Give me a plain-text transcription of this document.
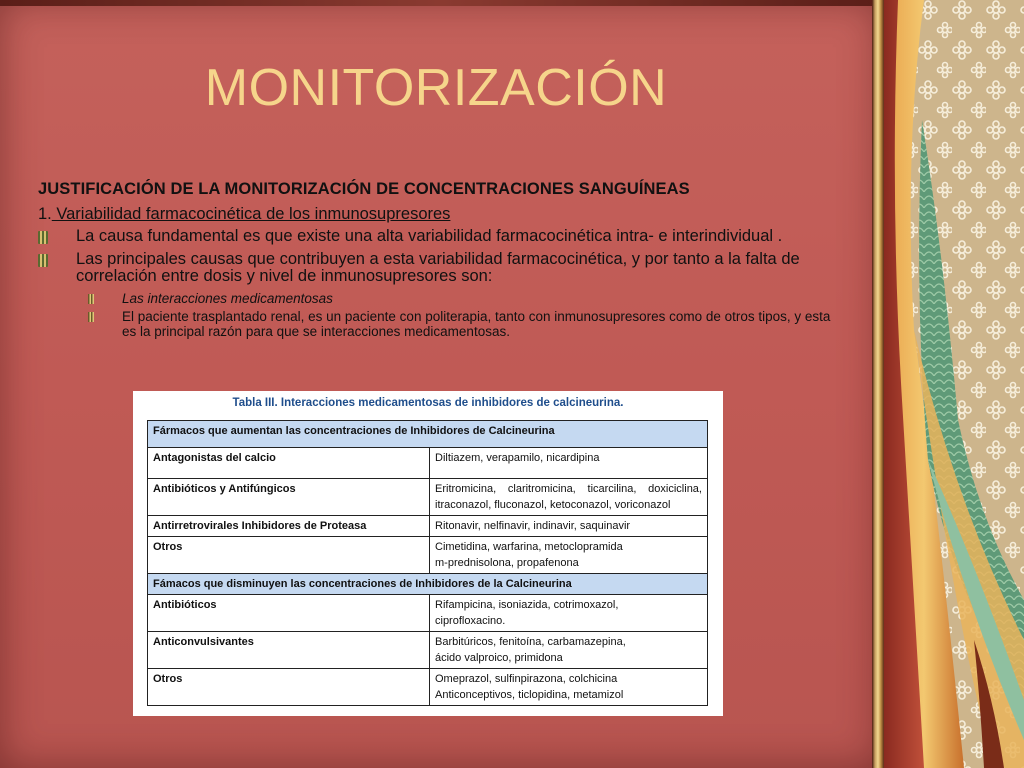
MONITORIZACIÓN

JUSTIFICACIÓN DE LA MONITORIZACIÓN DE CONCENTRACIONES SANGUÍNEAS

1. Variabilidad farmacocinética de los inmunosupresores

La causa fundamental es que existe una alta variabilidad farmacocinética intra- e interindividual .
Las principales causas que contribuyen a esta variabilidad farmacocinética, y por tanto a la falta de correlación entre dosis y nivel de inmunosupresores son:
Las interacciones medicamentosas
El paciente trasplantado renal, es un paciente con politerapia, tanto con inmunosupresores como de otros tipos, y esta es la principal razón para que se interacciones medicamentosas.
Tabla III. Interacciones medicamentosas de inhibidores de calcineurina.
Fármacos que aumentan las concentraciones de Inhibidores de Calcineurina	
Antagonistas del calcio	Diltiazem, verapamilo, nicardipina
Antibióticos y Antifúngicos	Eritromicina, claritromicina, ticarcilina, doxiciclina, itraconazol, fluconazol, ketoconazol, voriconazol
Antirretrovirales Inhibidores de Proteasa	Ritonavir, nelfinavir, indinavir, saquinavir
Otros	Cimetidina, warfarina, metoclopramida
m-prednisolona, propafenona

Fámacos que disminuyen las concentraciones de Inhibidores de la Calcineurina	
Antibióticos	Rifampicina, isoniazida, cotrimoxazol,
ciprofloxacino.

Anticonvulsivantes	Barbitúricos, fenitoína, carbamazepina,
ácido valproico, primidona

Otros	Omeprazol, sulfinpirazona, colchicina
Anticonceptivos, ticlopidina, metamizol
